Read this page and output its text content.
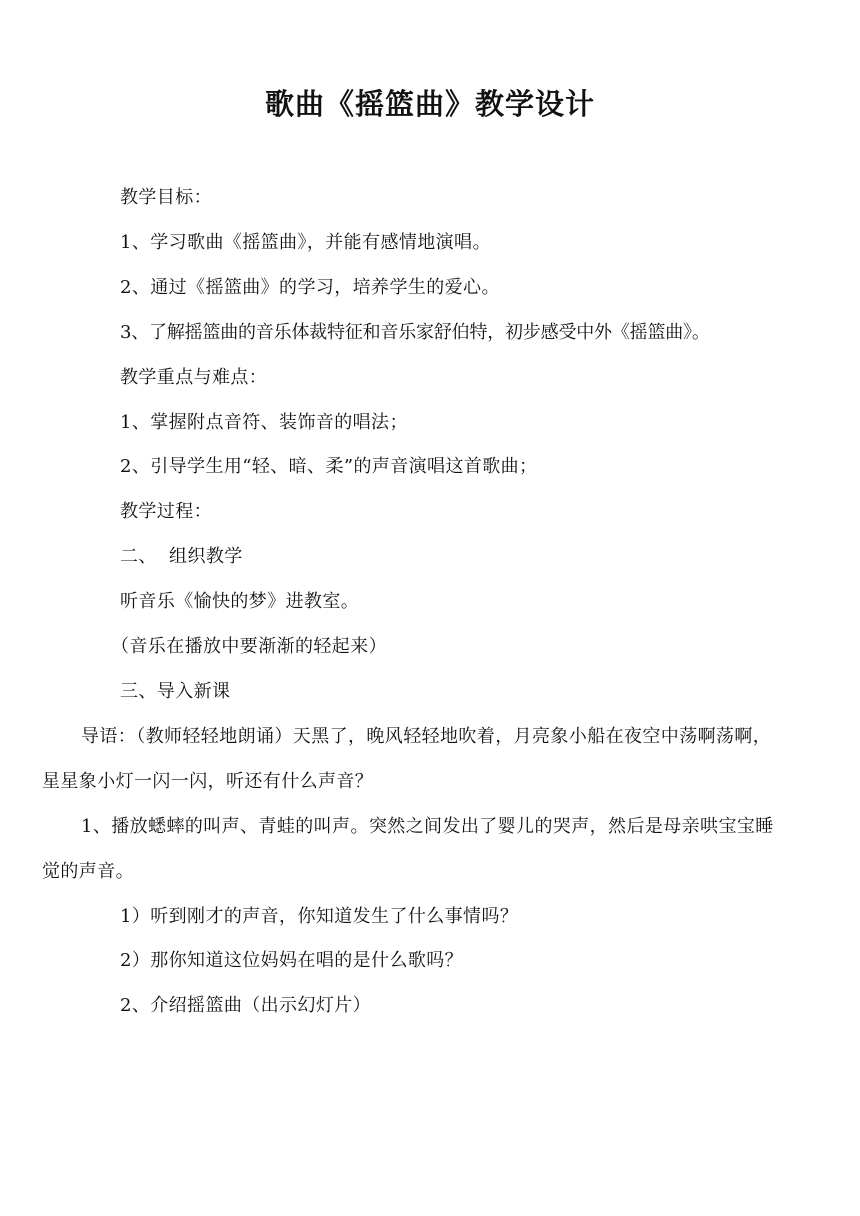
歌曲《摇篮曲》教学设计

教学目标：

1、学习歌曲《摇篮曲》，并能有感情地演唱。

2、通过《摇篮曲》的学习，培养学生的爱心。

3、了解摇篮曲的音乐体裁特征和音乐家舒伯特，初步感受中外《摇篮曲》。

教学重点与难点：

1、掌握附点音符、装饰音的唱法；

2、引导学生用“轻、暗、柔”的声音演唱这首歌曲；

教学过程：

二、  组织教学

听音乐《愉快的梦》进教室。

（音乐在播放中要渐渐的轻起来）

三、导入新课

导语：（教师轻轻地朗诵）天黑了，晚风轻轻地吹着，月亮象小船在夜空中荡啊荡啊，星星象小灯一闪一闪，听还有什么声音？

1、播放蟋蟀的叫声、青蛙的叫声。突然之间发出了婴儿的哭声，然后是母亲哄宝宝睡觉的声音。

1）听到刚才的声音，你知道发生了什么事情吗？

2）那你知道这位妈妈在唱的是什么歌吗？

2、介绍摇篮曲（出示幻灯片）
